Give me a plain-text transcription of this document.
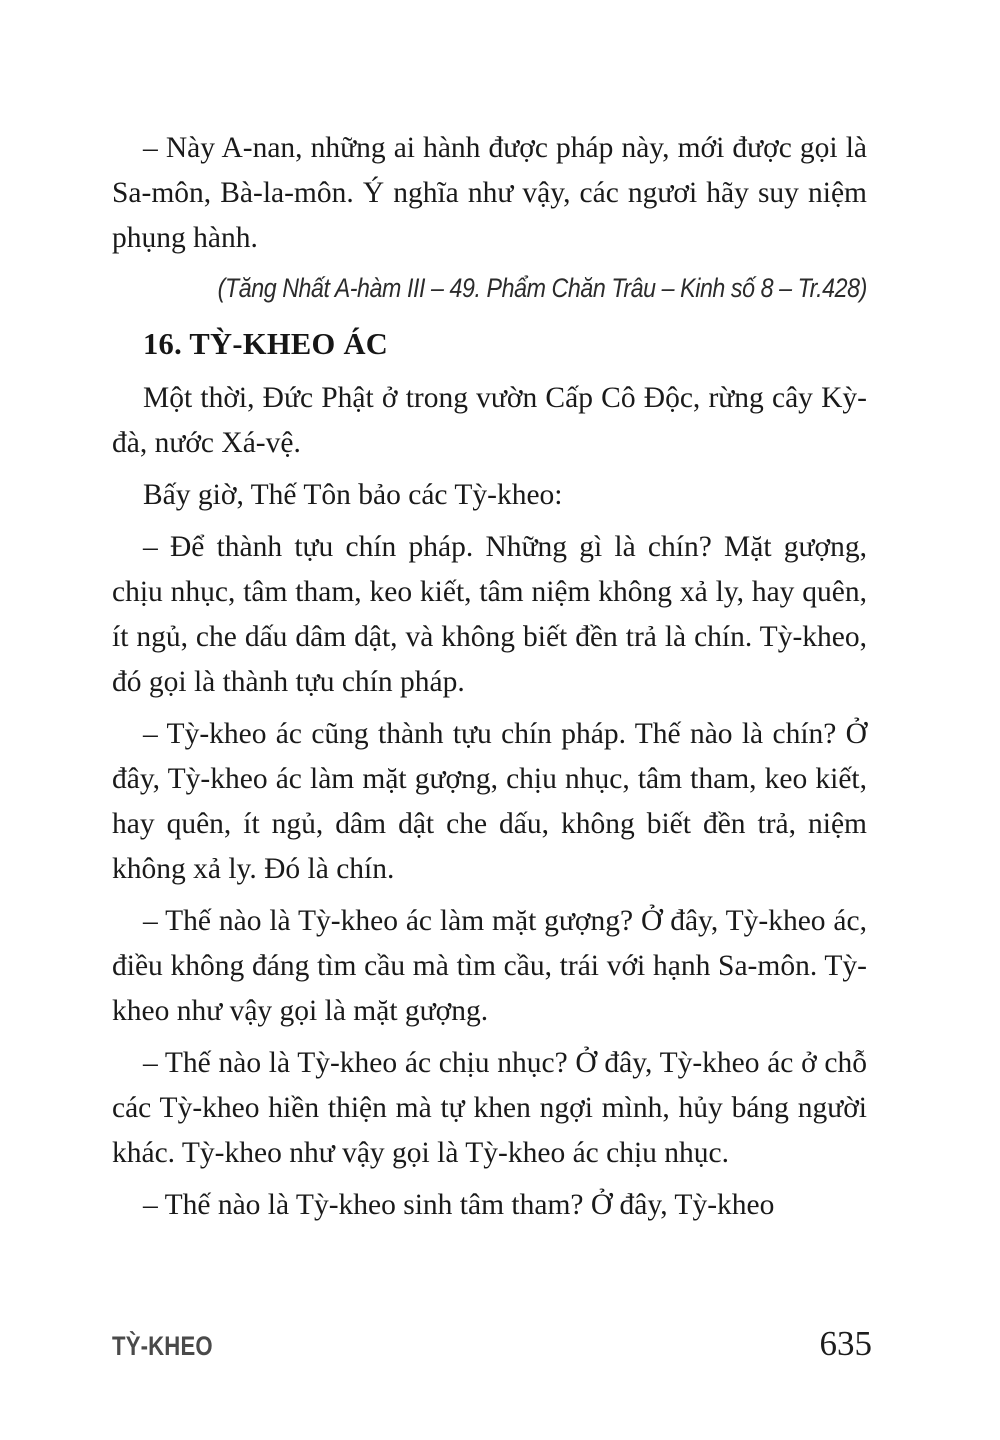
– Này A-nan, những ai hành được pháp này, mới được gọi là Sa-môn, Bà-la-môn. Ý nghĩa như vậy, các ngươi hãy suy niệm phụng hành.

(Tăng Nhất A-hàm III – 49. Phẩm Chăn Trâu – Kinh số 8 – Tr.428)

16. TỲ-KHEO ÁC

Một thời, Đức Phật ở trong vườn Cấp Cô Độc, rừng cây Kỳ-đà, nước Xá-vệ.

Bấy giờ, Thế Tôn bảo các Tỳ-kheo:

– Để thành tựu chín pháp. Những gì là chín? Mặt gượng, chịu nhục, tâm tham, keo kiết, tâm niệm không xả ly, hay quên, ít ngủ, che dấu dâm dật, và không biết đền trả là chín. Tỳ-kheo, đó gọi là thành tựu chín pháp.

– Tỳ-kheo ác cũng thành tựu chín pháp. Thế nào là chín? Ở đây, Tỳ-kheo ác làm mặt gượng, chịu nhục, tâm tham, keo kiết, hay quên, ít ngủ, dâm dật che dấu, không biết đền trả, niệm không xả ly. Đó là chín.

– Thế nào là Tỳ-kheo ác làm mặt gượng? Ở đây, Tỳ-kheo ác, điều không đáng tìm cầu mà tìm cầu, trái với hạnh Sa-môn. Tỳ-kheo như vậy gọi là mặt gượng.

– Thế nào là Tỳ-kheo ác chịu nhục? Ở đây, Tỳ-kheo ác ở chỗ các Tỳ-kheo hiền thiện mà tự khen ngợi mình, hủy báng người khác. Tỳ-kheo như vậy gọi là Tỳ-kheo ác chịu nhục.

– Thế nào là Tỳ-kheo sinh tâm tham? Ở đây, Tỳ-kheo

TỲ-KHEO	635
